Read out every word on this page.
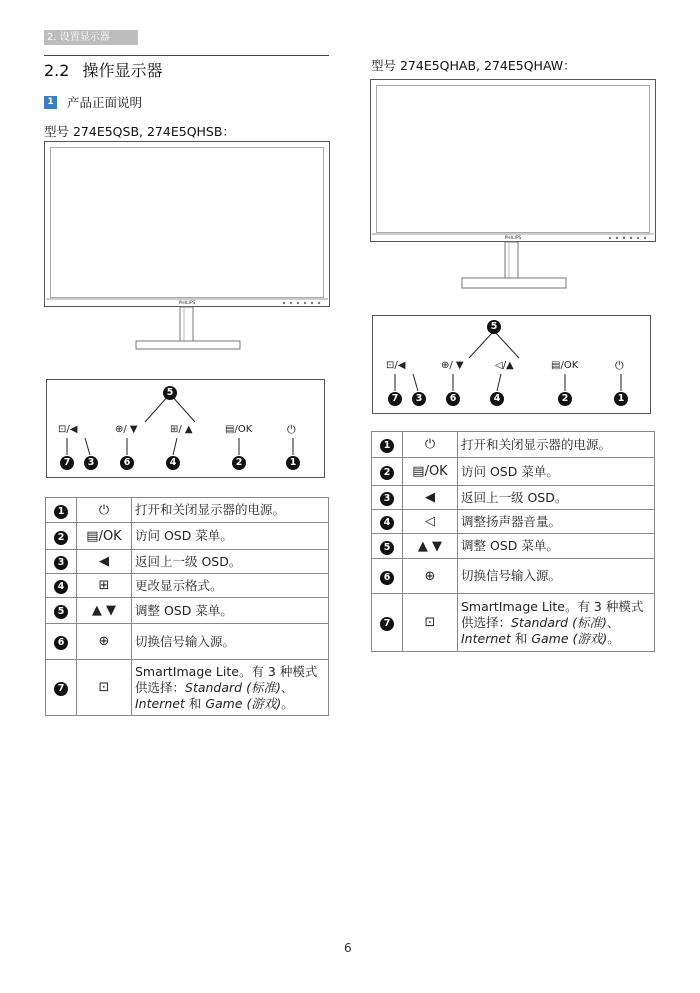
2. 设置显示器
2.2 操作显示器
1 产品正面说明
型号 274E5QSB, 274E5QHSB：
型号 274E5QHAB, 274E5QHAW：
PHILIPS
PHILIPS
5
⊡/◀	⊕/ ▼	⊞/ ▲	▤/OK	⏻
7	3	6	4	2	1
5
⊡/◀	⊕/ ▼	◁/▲	▤/OK	⏻
7	3	6	4	2	1
1	⏻	打开和关闭显示器的电源。
2	▤/OK	访问 OSD 菜单。
3	◀	返回上一级 OSD。
4	⊞	更改显示格式。
5	▲ ▼	调整 OSD 菜单。
6	⊕	切换信号输入源。
7	⊡	SmartImage Lite。有 3 种模式供选择：Standard (标准)、Internet 和 Game (游戏)。
1	⏻	打开和关闭显示器的电源。
2	▤/OK	访问 OSD 菜单。
3	◀	返回上一级 OSD。
4	◁	调整扬声器音量。
5	▲ ▼	调整 OSD 菜单。
6	⊕	切换信号输入源。
7	⊡	SmartImage Lite。有 3 种模式供选择：Standard (标准)、Internet 和 Game (游戏)。
6
